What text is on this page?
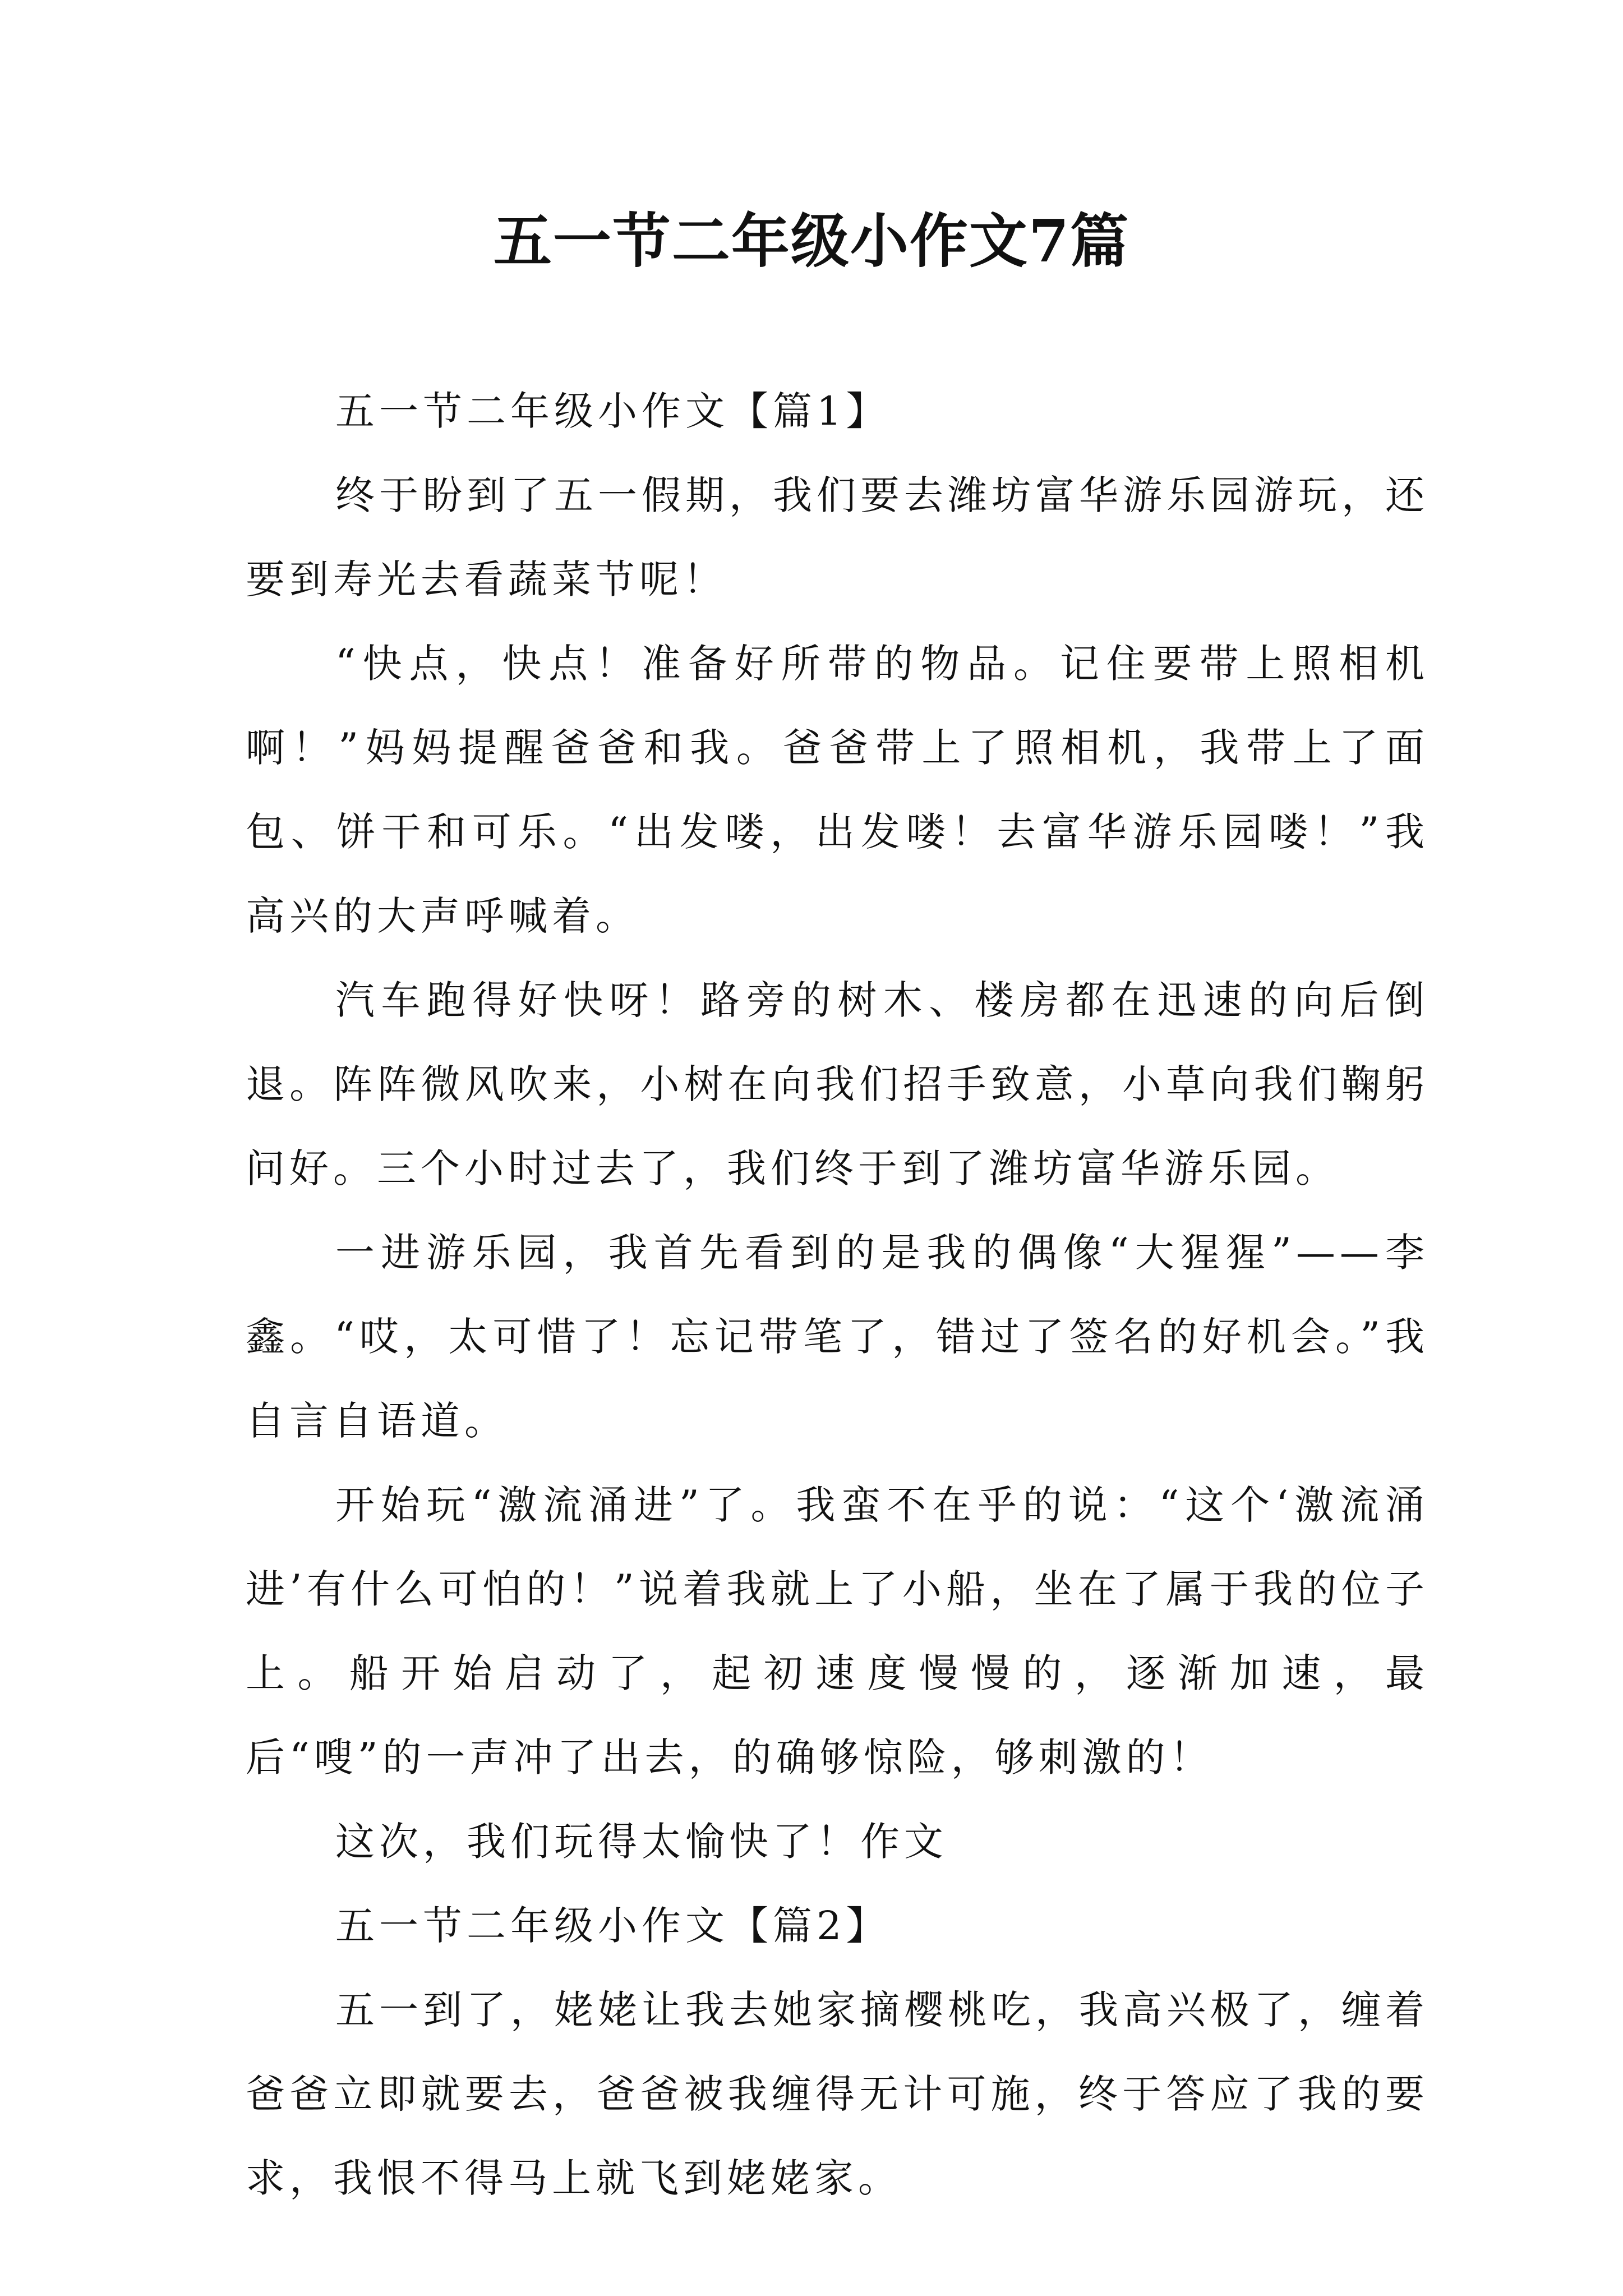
五一节二年级小作文7篇

五一节二年级小作文【篇1】

终于盼到了五一假期，我们要去潍坊富华游乐园游玩，还要到寿光去看蔬菜节呢！

“快点，快点！准备好所带的物品。记住要带上照相机啊！”妈妈提醒爸爸和我。爸爸带上了照相机，我带上了面包、饼干和可乐。“出发喽，出发喽！去富华游乐园喽！”我高兴的大声呼喊着。

汽车跑得好快呀！路旁的树木、楼房都在迅速的向后倒退。阵阵微风吹来，小树在向我们招手致意，小草向我们鞠躬问好。三个小时过去了，我们终于到了潍坊富华游乐园。

一进游乐园，我首先看到的是我的偶像“大猩猩”——李鑫。“哎，太可惜了！忘记带笔了，错过了签名的好机会。”我自言自语道。

开始玩“激流涌进”了。我蛮不在乎的说：“这个‘激流涌进’有什么可怕的！”说着我就上了小船，坐在了属于我的位子上。船开始启动了，起初速度慢慢的，逐渐加速，最后“嗖”的一声冲了出去，的确够惊险，够刺激的！

这次，我们玩得太愉快了！作文

五一节二年级小作文【篇2】

五一到了，姥姥让我去她家摘樱桃吃，我高兴极了，缠着爸爸立即就要去，爸爸被我缠得无计可施，终于答应了我的要求，我恨不得马上就飞到姥姥家。
